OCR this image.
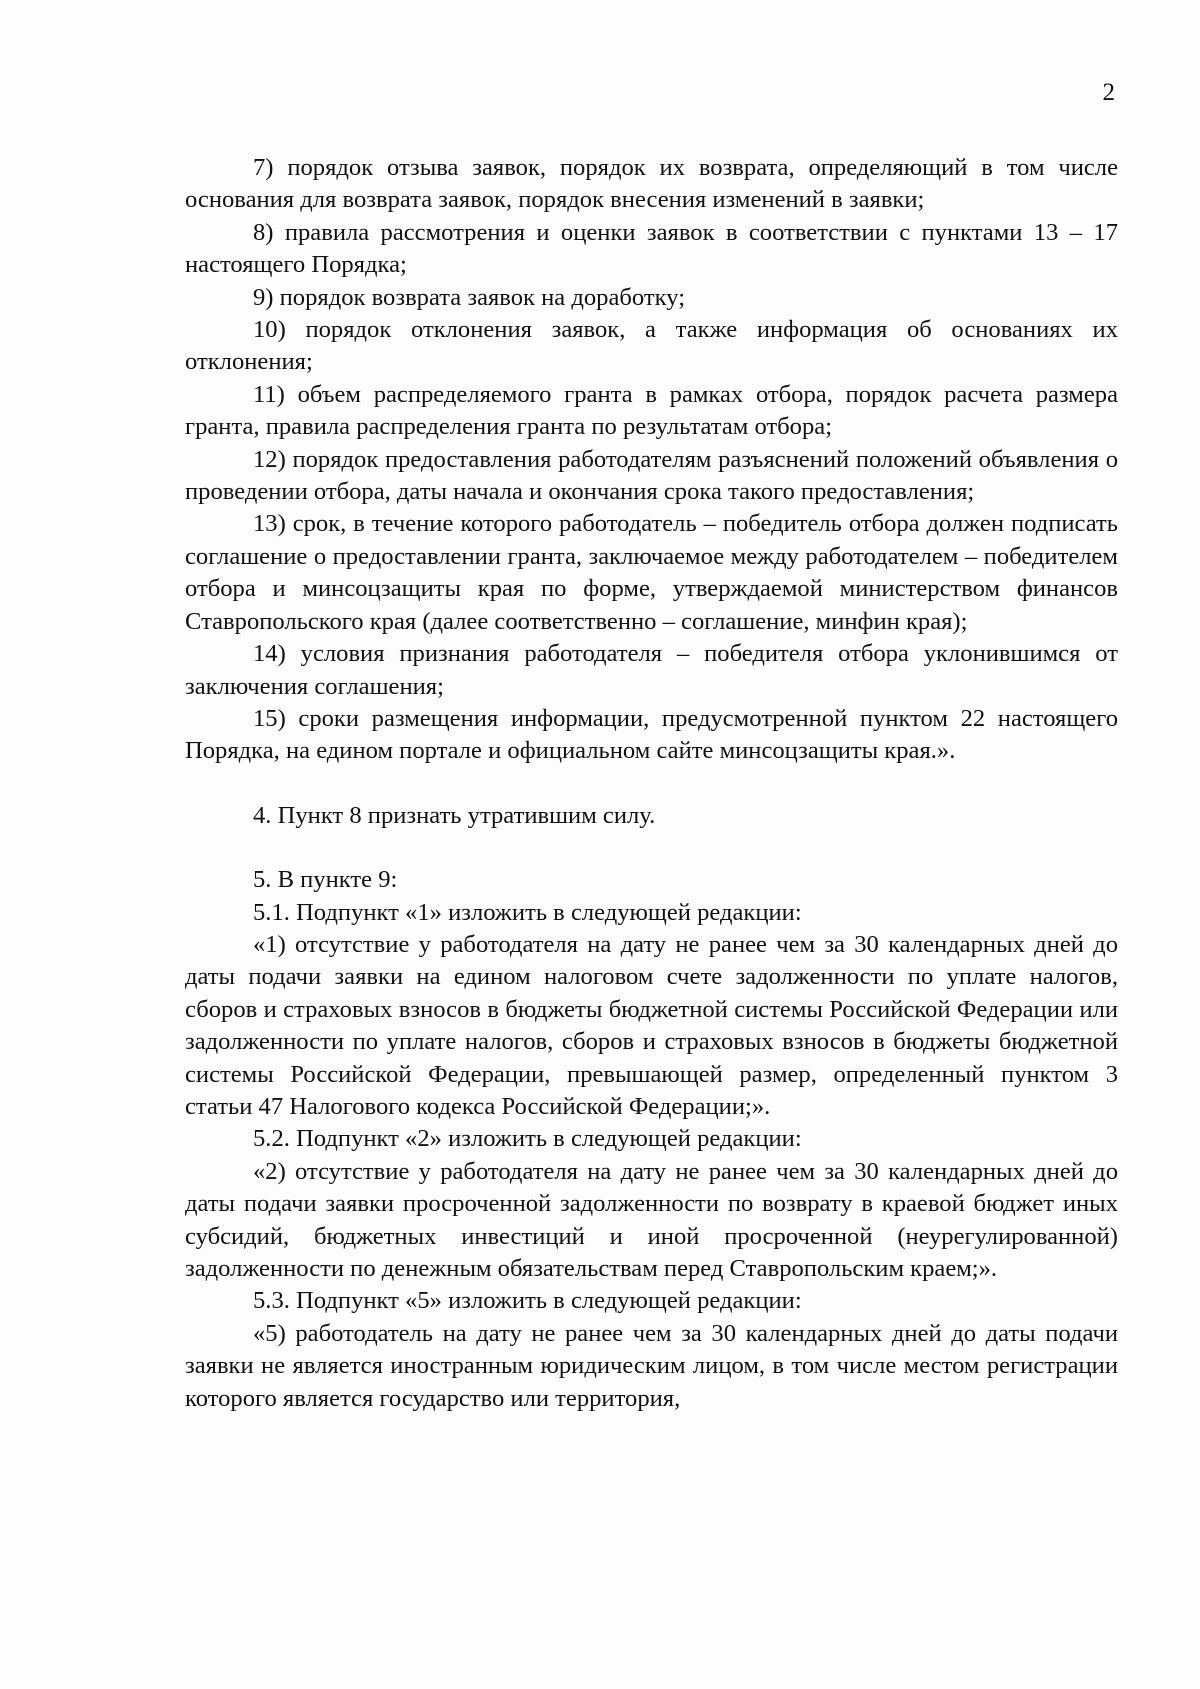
2

7) порядок отзыва заявок, порядок их возврата, определяющий в том числе основания для возврата заявок, порядок внесения изменений в заявки;

8) правила рассмотрения и оценки заявок в соответствии с пунктами 13 – 17 настоящего Порядка;

9) порядок возврата заявок на доработку;

10) порядок отклонения заявок, а также информация об основаниях их отклонения;

11) объем распределяемого гранта в рамках отбора, порядок расчета размера гранта, правила распределения гранта по результатам отбора;

12) порядок предоставления работодателям разъяснений положений объявления о проведении отбора, даты начала и окончания срока такого предоставления;

13) срок, в течение которого работодатель – победитель отбора должен подписать соглашение о предоставлении гранта, заключаемое между работодателем – победителем отбора и минсоцзащиты края по форме, утверждаемой министерством финансов Ставропольского края (далее соответственно – соглашение, минфин края);

14) условия признания работодателя – победителя отбора уклонившимся от заключения соглашения;

15) сроки размещения информации, предусмотренной пунктом 22 настоящего Порядка, на едином портале и официальном сайте минсоцзащиты края.».

4. Пункт 8 признать утратившим силу.

5. В пункте 9:

5.1. Подпункт «1» изложить в следующей редакции:

«1) отсутствие у работодателя на дату не ранее чем за 30 календарных дней до даты подачи заявки на едином налоговом счете задолженности по уплате налогов, сборов и страховых взносов в бюджеты бюджетной системы Российской Федерации или задолженности по уплате налогов, сборов и страховых взносов в бюджеты бюджетной системы Российской Федерации, превышающей размер, определенный пунктом 3 статьи 47 Налогового кодекса Российской Федерации;».

5.2. Подпункт «2» изложить в следующей редакции:

«2) отсутствие у работодателя на дату не ранее чем за 30 календарных дней до даты подачи заявки просроченной задолженности по возврату в краевой бюджет иных субсидий, бюджетных инвестиций и иной просроченной (неурегулированной) задолженности по денежным обязательствам перед Ставропольским краем;».

5.3. Подпункт «5» изложить в следующей редакции:

«5) работодатель на дату не ранее чем за 30 календарных дней до даты подачи заявки не является иностранным юридическим лицом, в том числе местом регистрации которого является государство или территория,
